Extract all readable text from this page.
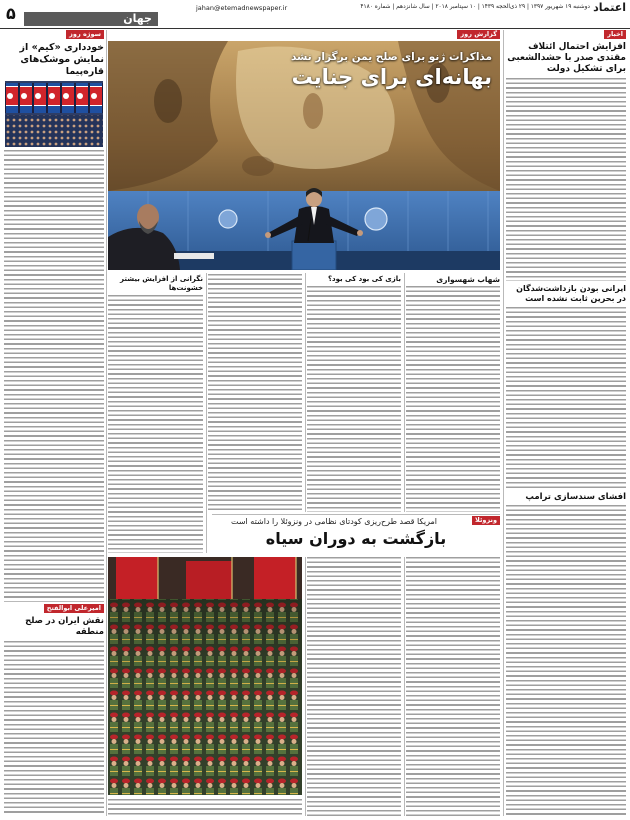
اعتماد
دوشنبه ۱۹ شهریور ۱۳۹۷ | ۲۹ ذی‌الحجه ۱۴۳۹ | ۱۰ سپتامبر ۲۰۱۸ | سال شانزدهم | شماره ۴۱۸۰
jahan@etemadnewspaper.ir
جهان
۵
اخبار
افزایش احتمال ائتلاف مقتدی صدر با حشدالشعبی برای تشکیل دولت
ایرانی بودن بازداشت‌شدگان در بحرین ثابت نشده است
افشای سندسازی ترامپ
گزارش روز
مذاکرات ژنو برای صلح یمن برگزار نشد
بهانه‌ای برای جنایت
شهاب شهسواری
بازی کی بود کی بود؟
نگرانی از افزایش بیشتر خشونت‌ها
ونزوئلا
امریکا قصد طرح‌ریزی کودتای نظامی در ونزوئلا را داشته است
بازگشت به دوران سیاه
سوژه روز
خودداری «کیم» از نمایش موشک‌های قاره‌پیما
امیرعلی ابوالفتح
نقش ایران در صلح منطقه
